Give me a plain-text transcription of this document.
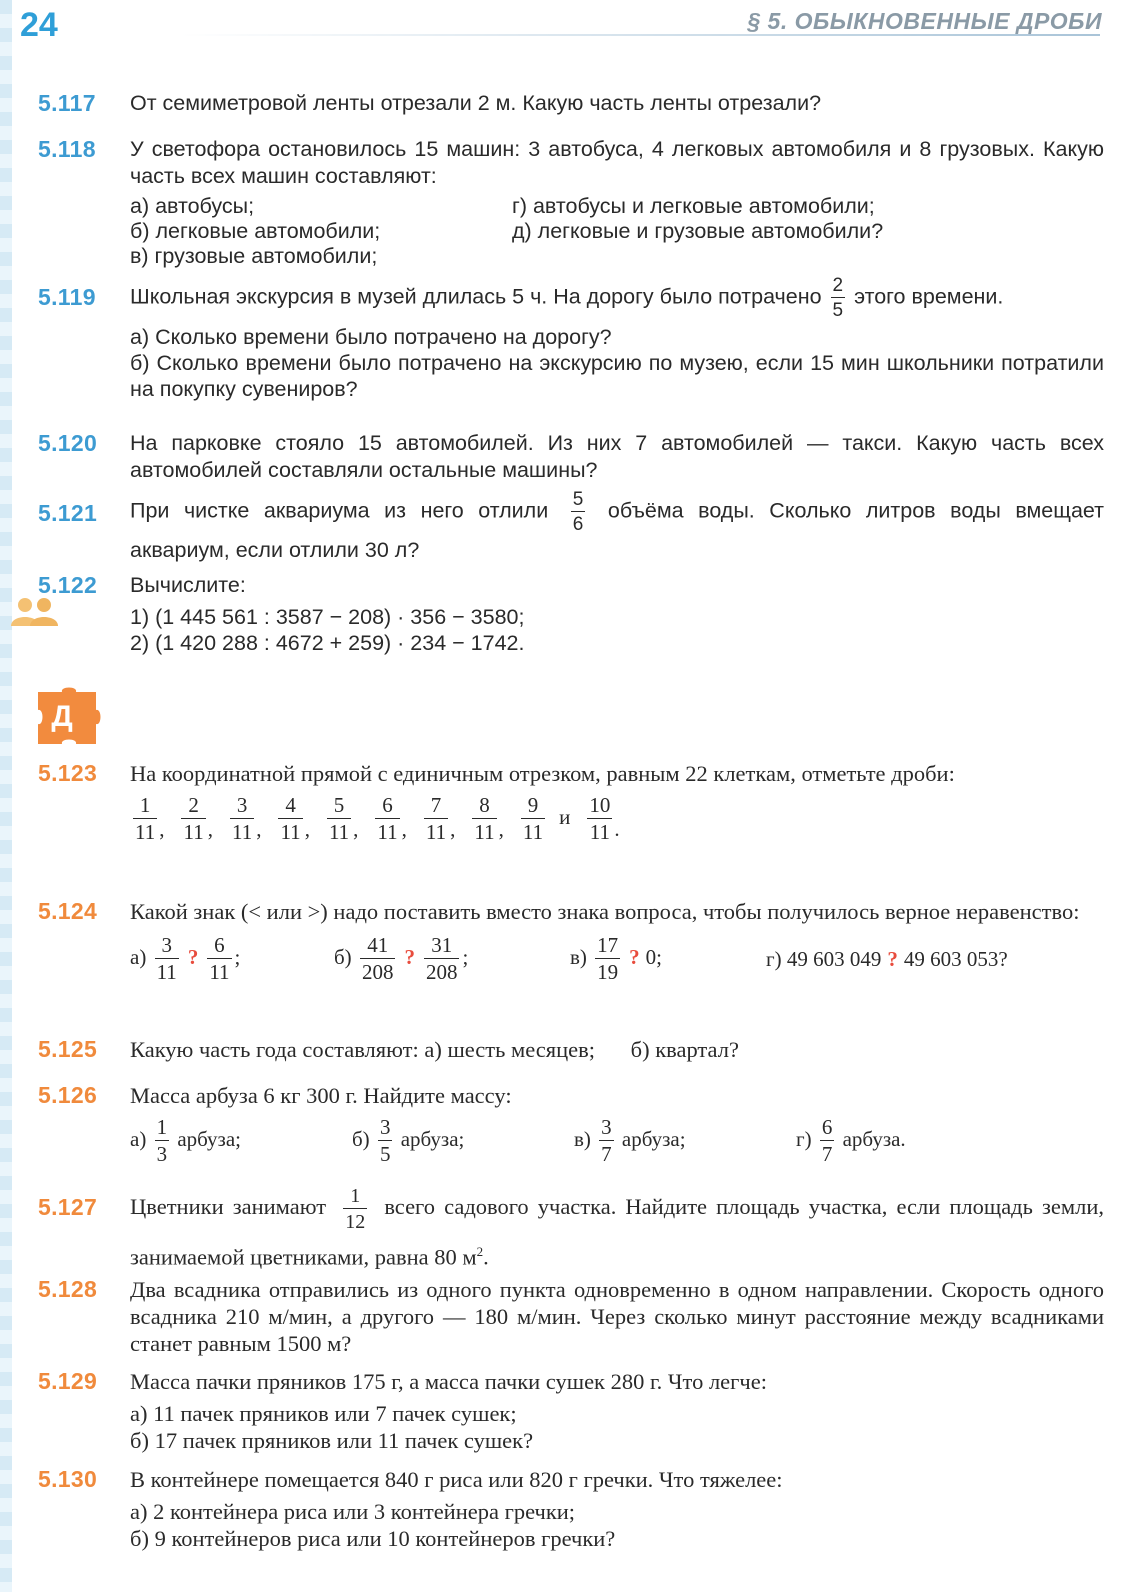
24	§ 5. ОБЫКНОВЕННЫЕ ДРОБИ
5.117 От семиметровой ленты отрезали 2 м. Какую часть ленты отрезали?
5.118 У светофора остановилось 15 машин: 3 автобуса, 4 легковых автомобиля и 8 грузовых. Какую часть всех машин составляют:
а) автобусы;
б) легковые автомобили;
в) грузовые автомобили;
г) автобусы и легковые автомобили;
д) легковые и грузовые автомобили?
5.119 Школьная экскурсия в музей длилась 5 ч. На дорогу было потрачено $\frac{2}{5}$ этого времени.
а) Сколько времени было потрачено на дорогу?
б) Сколько времени было потрачено на экскурсию по музею, если 15 мин школьники потратили на покупку сувениров?
5.120 На парковке стояло 15 автомобилей. Из них 7 автомобилей — такси. Какую часть всех автомобилей составляли остальные машины?
5.121 При чистке аквариума из него отлили $\frac{5}{6}$ объёма воды. Сколько литров воды вмещает аквариум, если отлили 30 л?
5.122 Вычислите:
1) (1 445 561 : 3587 − 208) · 356 − 3580;
2) (1 420 288 : 4672 + 259) · 234 − 1742.
Д
5.123 На координатной прямой с единичным отрезком, равным 22 клеткам, отметьте дроби:
$\frac{1}{11}$ , $\frac{2}{11}$ , $\frac{3}{11}$ , $\frac{4}{11}$ , $\frac{5}{11}$ , $\frac{6}{11}$ , $\frac{7}{11}$ , $\frac{8}{11}$ , $\frac{9}{11}$ и $\frac{10}{11}$ .
5.124 Какой знак (< или >) надо поставить вместо знака вопроса, чтобы получилось верное неравенство:
$а) \frac{3}{11}$ ? $\frac{6}{11}$ ;	$б) \frac{41}{208}$ ? $\frac{31}{208}$ ;	$в) \frac{17}{19}$ ? 0;	г) 49 603 049 ? 49 603 053?
5.125 Какую часть года составляют: а) шесть месяцев; б) квартал?
5.126 Масса арбуза 6 кг 300 г. Найдите массу:
$а) \frac{1}{3}$ арбуза;	$б) \frac{3}{5}$ арбуза;	$в) \frac{3}{7}$ арбуза;	$г) \frac{6}{7}$ арбуза.
5.127 Цветники занимают $\frac{1}{12}$ всего садового участка. Найдите площадь участка, если площадь земли, занимаемой цветниками, равна 80 $м^2$.
5.128 Два всадника отправились из одного пункта одновременно в одном направлении. Скорость одного всадника 210 м/мин, а другого — 180 м/мин. Через сколько минут расстояние между всадниками станет равным 1500 м?
5.129 Масса пачки пряников 175 г, а масса пачки сушек 280 г. Что легче:
а) 11 пачек пряников или 7 пачек сушек;
б) 17 пачек пряников или 11 пачек сушек?
5.130 В контейнере помещается 840 г риса или 820 г гречки. Что тяжелее:
а) 2 контейнера риса или 3 контейнера гречки;
б) 9 контейнеров риса или 10 контейнеров гречки?
